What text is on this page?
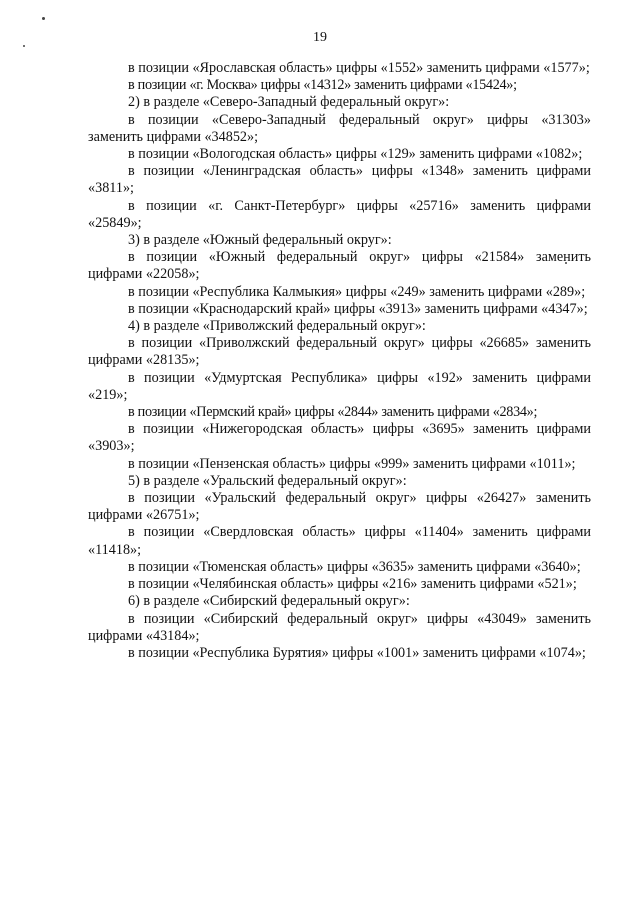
19

в позиции «Ярославская область» цифры «1552» заменить цифрами «1577»;

в позиции «г. Москва» цифры «14312» заменить цифрами «15424»;

2) в разделе «Северо-Западный федеральный округ»:

в позиции «Северо-Западный федеральный округ» цифры «31303» заменить цифрами «34852»;

в позиции «Вологодская область» цифры «129» заменить цифрами «1082»;

в позиции «Ленинградская область» цифры «1348» заменить цифрами «3811»;

в позиции «г. Санкт-Петербург» цифры «25716» заменить цифрами «25849»;

3) в разделе «Южный федеральный округ»:

в позиции «Южный федеральный округ» цифры «21584» заменить цифрами «22058»;

в позиции «Республика Калмыкия» цифры «249» заменить цифрами «289»;

в позиции «Краснодарский край» цифры «3913» заменить цифрами «4347»;

4) в разделе «Приволжский федеральный округ»:

в позиции «Приволжский федеральный округ» цифры «26685» заменить цифрами «28135»;

в позиции «Удмуртская Республика» цифры «192» заменить цифрами «219»;

в позиции «Пермский край» цифры «2844» заменить цифрами «2834»;

в позиции «Нижегородская область» цифры «3695» заменить цифрами «3903»;

в позиции «Пензенская область» цифры «999» заменить цифрами «1011»;

5) в разделе «Уральский федеральный округ»:

в позиции «Уральский федеральный округ» цифры «26427» заменить цифрами «26751»;

в позиции «Свердловская область» цифры «11404» заменить цифрами «11418»;

в позиции «Тюменская область» цифры «3635» заменить цифрами «3640»;

в позиции «Челябинская область» цифры «216» заменить цифрами «521»;

6) в разделе «Сибирский федеральный округ»:

в позиции «Сибирский федеральный округ» цифры «43049» заменить цифрами «43184»;

в позиции «Республика Бурятия» цифры «1001» заменить цифрами «1074»;
